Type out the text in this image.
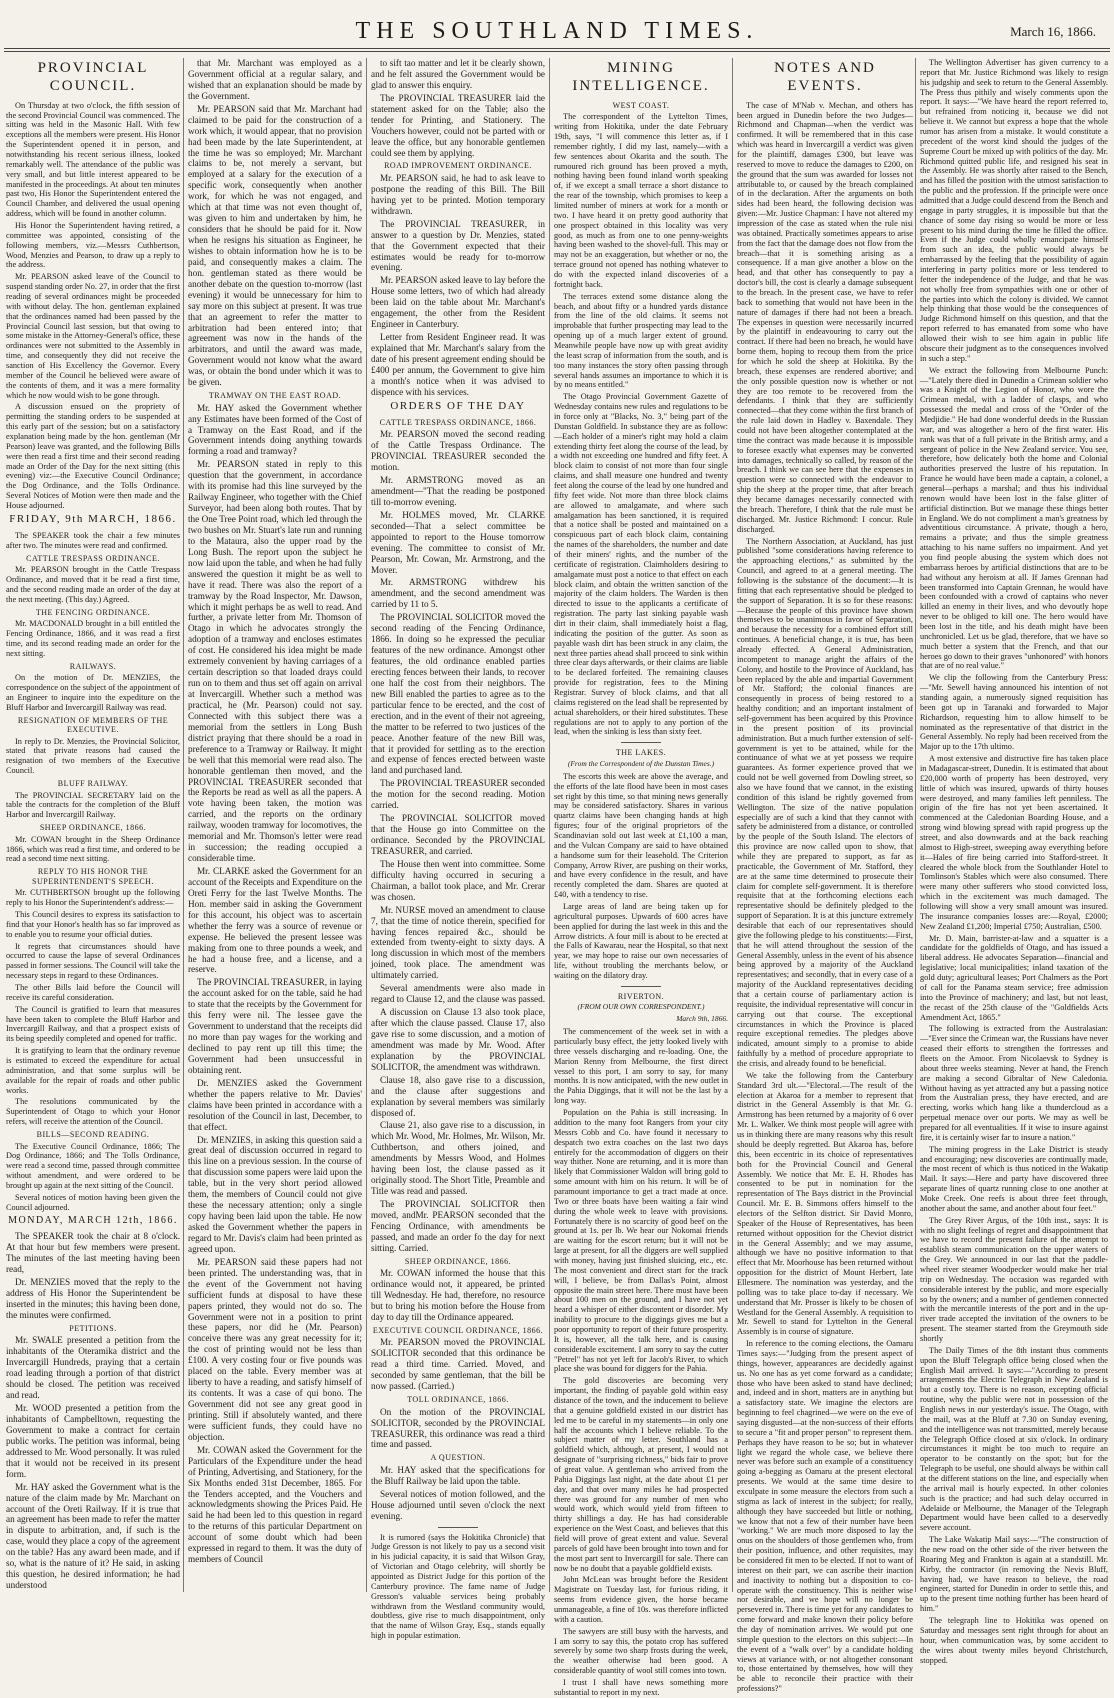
THE SOUTHLAND TIMES.	March 16, 1866.
PROVINCIAL COUNCIL.

On Thursday at two o'clock, the fifth session of the second Provincial Council was commenced. The sitting was held in the Masonic Hall. With few exceptions all the members were present. His Honor the Superintendent opened it in person, and notwithstanding his recent serious illness, looked remarkably well. The attendance of the public was very small, and but little interest appeared to be manifested in the proceedings. At about ten minutes past two, His Honor the Superintendent entered the Council Chamber, and delivered the usual opening address, which will be found in another column.

His Honor the Superintendent having retired, a committee was appointed, consisting of the following members, viz.—Messrs Cuthbertson, Wood, Menzies and Pearson, to draw up a reply to the address.

Mr. PEARSON asked leave of the Council to suspend standing order No. 27, in order that the first reading of several ordinances might be proceeded with without delay. The hon. gentleman explained that the ordinances named had been passed by the Provincial Council last session, but that owing to some mistake in the Attorney-General's office, these ordinances were not submitted to the Assembly in time, and consequently they did not receive the sanction of His Excellency the Governor. Every member of the Council he believed were aware of the contents of them, and it was a mere formality which he now would wish to be gone through.

A discussion ensued on the propriety of permitting the standing orders to be suspended at this early part of the session; but on a satisfactory explanation being made by the hon. gentleman (Mr Pearson) leave was granted, and the following Bills were then read a first time and their second reading made an Order of the Day for the next sitting (this evening) viz:—the Executive Council Ordinance; the Dog Ordinance, and the Tolls Ordinance. Several Notices of Motion were then made and the House adjourned.

FRIDAY, 9th MARCH, 1866.

The SPEAKER took the chair a few minutes after two. The minutes were read and confirmed.

CATTLE TRESPASS ORDINANCE.

Mr. PEARSON brought in the Cattle Trespass Ordinance, and moved that it be read a first time, and the second reading made an order of the day at the next meeting. (This day.) Agreed.

THE FENCING ORDINANCE.

Mr. MACDONALD brought in a bill entitled the Fencing Ordinance, 1866, and it was read a first time, and its second reading made an order for the next sitting.

RAILWAYS.

On the motion of Dr. MENZIES, the correspondence on the subject of the appointment of an Engineer to inquire into the expediture on the Bluff Harbor and Invercargill Railway was read.

RESIGNATION OF MEMBERS OF THE EXECUTIVE.

In reply to Dr. Menzies, the Provincial Solicitor, stated that private reasons had caused the resignation of two members of the Executive Council.

BLUFF RAILWAY.

The PROVINCIAL SECRETARY laid on the table the contracts for the completion of the Bluff Harbor and Invercargill Railway.

SHEEP ORDINANCE, 1866.

Mr. COWAN brought in the Sheep Ordinance 1866, which was read a first time, and ordered to be read a second time next sitting.

REPLY TO HIS HONOR THE SUPERINTENDENT'S SPEECH.

Mr. CUTHBERTSON brought up the following reply to his Honor the Superintendent's address:—

This Council desires to express its satisfaction to find that your Honor's health has so far improved as to enable you to resume your official duties.

It regrets that circumstances should have occurred to cause the lapse of several Ordinances passed in former sessions. The Council will take the necessary steps in regard to these Ordinances.

The other Bills laid before the Council will receive its careful consideration.

The Council is gratified to learn that measures have been taken to complete the Bluff Harbor and Invercargill Railway, and that a prospect exists of its being speedily completed and opened for traffic.

It is gratifying to learn that the ordinary revenue is estimated to exceed the expenditure for actual administration, and that some surplus will be available for the repair of roads and other public works.

The resolutions communicated by the Superintendent of Otago to which your Honor refers, will receive the attention of the Council.

BILLS—SECOND READING.

The Executive Council Ordinance, 1866; The Dog Ordinance, 1866; and The Tolls Ordinance, were read a second time, passed through committee without amendment, and were ordered to be brought up again at the next sitting of the Council.

Several notices of motion having been given the Council adjourned.

MONDAY, MARCH 12th, 1866.

The SPEAKER took the chair at 8 o'clock. At that hour but few members were present. The minutes of the last meeting having been read,

Dr. MENZIES moved that the reply to the address of His Honor the Superintendent be inserted in the minutes; this having been done, the minutes were confirmed.

PETITIONS.

Mr. SWALE presented a petition from the inhabitants of the Oteramika district and the Invercargill Hundreds, praying that a certain road leading through a portion of that district should be closed. The petition was received and read.

Mr. WOOD presented a petition from the inhabitants of Campbelltown, requesting the Government to make a contract for certain public works. The petition was informal, being addressed to Mr. Wood personally. It was ruled that it would not be received in its present form.

Mr. HAY asked the Government what is the nature of the claim made by Mr. Marchant on account of the Oreti Railway. If it is true that an agreement has been made to refer the matter in dispute to arbitration, and, if such is the case, would they place a copy of the agreement on the table? Has any award been made, and if so, what is the nature of it? He said, in asking this question, he desired information; he had understood

that Mr. Marchant was employed as a Government official at a regular salary, and wished that an explanation should be made by the Government.

Mr. PEARSON said that Mr. Marchant had claimed to be paid for the construction of a work which, it would appear, that no provision had been made by the late Superintendent, at the time he was so employed; Mr. Marchant claims to be, not merely a servant, but employed at a salary for the execution of a specific work, consequently when another work, for which he was not engaged, and which at that time was not even thought of, was given to him and undertaken by him, he considers that he should be paid for it. Now when he resigns his situation as Engineer, he wishes to obtain information how he is to be paid, and consequently makes a claim. The hon. gentleman stated as there would be another debate on the question to-morrow (last evening) it would be unnecessary for him to say more on this subject at present. It was true that an agreement to refer the matter to arbitration had been entered into; that agreement was now in the hands of the arbitrators, and until the award was made, Government would not know what the award was, or obtain the bond under which it was to be given.

TRAMWAY ON THE EAST ROAD.

Mr. HAY asked the Government whether any Estimates have been formed of the Cost of a Tramway on the East Road, and if the Government intends doing anything towards forming a road and tramway?

Mr. PEARSON stated in reply to this question that the government, in accordance with its promise had this line surveyed by the Railway Engineer, who together with the Chief Surveyor, had been along both routes. That by the One Tree Point road, which led through the two bushes on Mr. Stuart's late run and running to the Mataura, also the upper road by the Long Bush. The report upon the subject he now laid upon the table, and when he had fully answered the question it might be as well to have it read. There was also the report of a tramway by the Road Inspector, Mr. Dawson, which it might perhaps be as well to read. And further, a private letter from Mr. Thomson of Otago in which he advocates strongly the adoption of a tramway and encloses estimates of cost. He considered his idea might be made extremely convenient by having carriages of a certain description so that loaded drays could run on to them and thus set off again on arrival at Invercargill. Whether such a method was practical, he (Mr. Pearson) could not say. Connected with this subject there was a memorial from the settlers in Long Bush district praying that there should be a road in preference to a Tramway or Railway. It might be well that this memorial were read also. The honorable gentleman then moved, and the PROVINCIAL TREASURER seconded that the Reports be read as well as all the papers. A vote having been taken, the motion was carried, and the reports on the ordinary railway, wooden tramway for locomotives, the memorial and Mr. Thomson's letter were read in succession; the reading occupied a considerable time.

Mr. CLARKE asked the Government for an account of the Receipts and Expenditure on the Oreti Ferry for the last Twelve Months. The Hon. member said in asking the Government for this account, his object was to ascertain whether the ferry was a source of revenue or expense. He believed the present lessee was making from one to three pounds a week, and he had a house free, and a license, and a reserve.

The PROVINCIAL TREASURER, in laying the account asked for on the table, said he had to state that the receipts by the Government for this ferry were nil. The lessee gave the Government to understand that the receipts did no more than pay wages for the working and declined to pay rent up till this time; the Government had been unsuccessful in obtaining rent.

Dr. MENZIES asked the Government whether the papers relative to Mr. Davies' claims have been printed in accordance with a resolution of the Council in last, December, to that effect.

Dr. MENZIES, in asking this question said a great deal of discussion occurred in regard to this line on a previous session. In the course of that discussion some papers were laid upon the table, but in the very short period allowed them, the members of Council could not give these the necessary attention; only a single copy having been laid upon the table. He now asked the Government whether the papers in regard to Mr. Davis's claim had been printed as agreed upon.

Mr. PEARSON said these papers had not been printed. The understanding was, that in the event of the Government not having sufficient funds at disposal to have these papers printed, they would not do so. The Government were not in a position to print these papers, nor did he (Mr. Pearson) conceive there was any great necessity for it; the cost of printing would not be less than £100. A very costing four or five pounds was placed on the table. Every member was at liberty to have a reading, and satisfy himself of its contents. It was a case of qui bono. The Government did not see any great good in printing. Still if absolutely wanted, and there were sufficient funds, they could have no objection.

Mr. COWAN asked the Government for the Particulars of the Expenditure under the head of Printing, Advertising, and Stationery, for the Six Months ended 31st December, 1865. For the Tenders accepted, and the Vouchers and acknowledgments showing the Prices Paid. He said he had been led to this question in regard to the returns of this particular Department on account of some doubt which had been expressed in regard to them. It was the duty of members of Council

to sift tao matter and let it be clearly shown, and he felt assured the Government would be glad to answer this enquiry.

The PROVINCIAL TREASURER laid the statement asked for on the Table; also the tender for Printing, and Stationery. The Vouchers however, could not be parted with or leave the office, but any honorable gentlemen could see them by applying.

ROAD IMPROVEMENT ORDINANCE.

Mr. PEARSON said, he had to ask leave to postpone the reading of this Bill. The Bill having yet to be printed. Motion temporary withdrawn.

The PROVINCIAL TREASURER, in answer to a question by Dr. Menzies, stated that the Government expected that their estimates would be ready for to-morrow evening.

Mr. PEARSON asked leave to lay before the House some letters, two of which had already been laid on the table about Mr. Marchant's engagement, the other from the Resident Engineer in Canterbury.

Letter from Resident Engineer read. It was explained that Mr. Marchant's salary from the date of his present agreement ending should be £400 per annum, the Government to give him a month's notice when it was advised to dispence with his services.

ORDERS OF THE DAY
CATTLE TRESPASS ORDINANCE, 1866.

Mr. PEARSON moved the second reading of the Cattle Trespass Ordinance. The PROVINCIAL TREASURER seconded the motion.

Mr. ARMSTRONG moved as an amendment—"That the reading be postponed till to-morrow evening.

Mr. HOLMES moved, Mr. CLARKE seconded—That a select committee be appointed to report to the House tomorrow evening. The committee to consist of Mr. Pearson, Mr. Cowan, Mr. Armstrong, and the Mover.

Mr. ARMSTRONG withdrew his amendment, and the second amendment was carried by 11 to 5.

The PROVINCIAL SOLICITOR moved the second reading of the Fencing Ordinance, 1866. In doing so he expressed the peculiar features of the new ordinance. Amongst other features, the old ordinance enabled parties erecting fences between their lands, to recover one half the cost from their neighbors. The new Bill enabled the parties to agree as to the particular fence to be erected, and the cost of erection, and in the event of their not agreeing, the matter to be referred to two justices of the peace. Another feature of the new Bill was, that it provided for settling as to the erection and expense of fences erected between waste land and purchased land.

The PROVINCIAL TREASURER seconded the motion for the second reading. Motion carried.

The PROVINCIAL SOLICITOR moved that the House go into Committee on the ordinance. Seconded by the PROVINCIAL TREASURER, and carried.

The House then went into committee. Some difficulty having occurred in securing a Chairman, a ballot took place, and Mr. Crerar was chosen.

Mr. NURSE moved an amendment to clause 7, that the time of notice therein, specified for having fences repaired &c., should be extended from twenty-eight to sixty days. A long discussion in which most of the members joined, took place. The amendment was ultimately carried.

Several amendments were also made in regard to Clause 12, and the clause was passed.

A discussion on Clause 13 also took place, after which the clause passed. Clause 17, also gave rise to some discussion, and a motion of amendment was made by Mr. Wood. After explanation by the PROVINCIAL SOLICITOR, the amendment was withdrawn.

Clause 18, also gave rise to a discussion, and the clause after suggestions and explanation by several members was similarly disposed of.

Clause 21, also gave rise to a discussion, in which Mr. Wood, Mr. Holmes, Mr. Wilson, Mr. Cuthbertson, and others joined, and amendments by Messrs Wood, and Holmes having been lost, the clause passed as it originally stood. The Short Title, Preamble and Title was read and passed.

The PROVINCIAL SOLICITOR then moved, andMr. PEARSON seconded that the Fencing Ordinance, with amendments be passed, and made an order fo the day for next sitting. Carried.

SHEEP ORDINANCE, 1866.

Mr. COWAN informed the house that this ordinance would not, it appeared, be printed till Wednesday. He had, therefore, no resource but to bring his motion before the House from day to day till the Ordinance appeared.

EXECUTIVE COUNCIL ORDINANCE, 1866.

Mr. PEARSON moved the PROVINCIAL SOLICITOR seconded that this ordinance be read a third time. Carried. Moved, and seconded by same gentleman, that the bill be now passed. (Carried.)

TOLL ORDINANCE, 1866.

On the motion of the PROVINCIAL SOLICITOR, seconded by the PROVINCIAL TREASURER, this ordinance was read a third time and passed.

A QUESTION.

Mr. HAY asked that the specifications for the Bluff Railway be laid upon the table.

Several notices of motion followed, and the House adjourned until seven o'clock the next evening.

It is rumored (says the Hokitika Chronicle) that Judge Gresson is not likely to pay us a second visit in his judicial capacity, it is said that Wilson Gray, of Victorian and Otago celebrity, will shortly be appointed as District Judge for this portion of the Canterbury province. The fame name of Judge Gresson's valuable services being probably withdrawn from the Westland community would, doubtless, give rise to much disappointment, only that the name of Wilson Gray, Esq., stands equally high in popular estimation.

MINING INTELLIGENCE.
WEST COAST.

The correspondent of the Lyttelton Times, writing from Hokitika, under the date February 19th, says, "I will commence this letter as, if I remember rightly, I did my last, namely—with a few sentences about Okarita and the south. The rumoured rich ground has been proved a myth, nothing having been found inland worth speaking of, if we except a small terrace a short distance to the rear of the township, which promises to keep a limited number of miners at work for a month or two. I have heard it on pretty good authority that one prospect obtained in this locality was very good, as much as from one to one penny-weights having been washed to the shovel-full. This may or may not be an exaggeration, but whether or no, the terrace ground not opened has nothing whatever to do with the expected inland discoveries of a fortnight back.

The terraces extend some distance along the beach, and about fifty or a hundred yards distance from the line of the old claims. It seems not improbable that further prospecting may lead to the opening up of a much larger extent of ground. Meanwhile people have now up with great avidity the least scrap of information from the south, and is too many instances the story often passing through several hands assumes an importance to which it is by no means entitled."

The Otago Provincial Government Gazette of Wednesday contains new rules and regulations to be in force only at "Blacks, No. 3," being part of the Dunstan Goldfield. In substance they are as follow:—Each holder of a miner's right may hold a claim extending thirty feet along the course of the lead, by a width not exceeding one hundred and fifty feet. A block claim to consist of not more than four single claims, and shall measure one hundred and twenty feet along the course of the lead by one hundred and fifty feet wide. Not more than three block claims are allowed to amalgamate, and where such amalgamation has been sanctioned, it is required that a notice shall be posted and maintained on a conspicuous part of each block claim, containing the names of the shareholders, the number and date of their miners' rights, and the number of the certificate of registration. Claimholders desiring to amalgamate must post a notice to that effect on each block claim, and obtain the written sanction of the majority of the claim holders. The Warden is then directed to issue to the applicants a certificate of registration. The party last sinking payable wash dirt in their claim, shall immediately hoist a flag, indicating the position of the gutter. As soon as payable wash dirt has been struck in any claim, the next three parties ahead shall proceed to sink within three clear days afterwards, or their claims are liable to be declared forfeited. The remaining clauses provide for registration, fees to the Mining Registrar. Survey of block claims, and that all claims registered on the lead shall be represented by actual shareholders, or their hired substitutes. These regulations are not to apply to any portion of the lead, when the sinking is less than sixty feet.

THE LAKES.
(From the Correspondent of the Dunstan Times.)

The escorts this week are above the average, and the efforts of the late flood have been in most cases set right by this time, so that mining news generally may be considered satisfactory. Shares in various quartz claims have been changing hands at high figures; four of the original proprietors of the Scandinavian sold out last week at £1,100 a man, and the Vulcan Company are said to have obtained a handsome sum for their leasehold. The Criterion Company, Arrow River, are pushing on their works, and have every confidence in the result, and have recently completed the dam. Shares are quoted at £40, with a tendency to rise.

Large areas of land are being taken up for agricultural purposes. Upwards of 600 acres have been applied for during the last week in this and the Arrow districts. A four mill is about to be erected at the Falls of Kawarau, near the Hospital, so that next year, we may hope to raise our own necessaries of life, without troubling the merchants below, or waiting on the dilatory dray.

RIVERTON.
(FROM OUR OWN CORRESPONDENT.)
March 9th, 1866.

The commencement of the week set in with a particularly busy effect, the jetty looked lively with three vessels discharging and re-loading. One, the Marion Renny from Melbourne, the first direct vessel to this port, I am sorry to say, for many months. It is now anticipated, with the new outlet in the Pahia Diggings, that it will not be the last by a long way.

Population on the Pahia is still increasing. In addition to the many foot Rangers from your city Messrs Cobb and Co. have found it necessary to despatch two extra coaches on the last two days entirely for the accommodation of diggers on their way thither. None are returning, and it is more than likely that Commissioner Waldon will bring gold to some amount with him on his return. It will be of paramount importance to get a tract made at once. Two or three boats have been waiting a fair wind during the whole week to leave with provisions. Fortunately there is no scarcity of good beef on the ground at 1s. per lb. We hear our Nokomai friends are waiting for the escort return; but it will not be large at present, for all the diggers are well supplied with money, having just finished sluicing, etc., etc. The most convenient and direct start for the track will, I believe, be from Dallas's Point, almost opposite the main street here. There must have been about 100 men on the ground, and I have not yet heard a whisper of either discontent or disorder. My inability to procure to the diggings gives me but a poor opportunity to report of their future prosperity. It is, however, all the talk here, and is causing considerable excitement. I am sorry to say the cutter "Petrel" has not yet left for Jacob's River, to which place she was bound for diggers for the Pahia.

The gold discoveries are becoming very important, the finding of payable gold within easy distance of the town, and the inducement to believe that a genuine goldfield existed in our district has led me to be careful in my statements—in only one half the accounts which I believe reliable. To the subject matter of my letter. Southland has a goldfield which, although, at present, I would not designate of "surprising richness," bids fair to prove of great value. A gentleman who arrived from the Pahia Diggings last night, at the date about £1 per day, and that over many miles he had prospected there was ground for any number of men who would work, which would yield from fifteen to thirty shillings a day. He has had considerable experience on the West Coast, and believes that this field will prove of great extent and value. Several parcels of gold have been brought into town and for the most part sent to Invercargill for sale. There can now be no doubt that a payable goldfield exists.

John McLean was brought before the Resident Magistrate on Tuesday last, for furious riding, it seems from evidence given, the horse became unmanageable, a fine of 10s. was therefore inflicted with a caution.

The sawyers are still busy with the harvests, and I am sorry to say this, the potato crop has suffered severely by some two sharp frosts during the week, the weather otherwise had been good. A considerable quantity of wool still comes into town.

I trust I shall have news something more substantial to report in my next.

NOTES AND EVENTS.

The case of M'Nab v. Mechan, and others has been argued in Dunedin before the two Judges—Richmond and Chapman—when the verdict was confirmed. It will be remembered that in this case which was heard in Invercargill a verdict was given for the plaintiff, damages £300, but leave was reserved to move to reduce the damages to £200, on the ground that the sum was awarded for losses not attributable to, or caused by the breach complained of in the declaration. After the arguments on both sides had been heard, the following decision was given:—Mr. Justice Chapman: I have not altered my impression of the case as stated when the rule nisi was obtained. Practically sometimes appears to arise from the fact that the damage does not flow from the breach—that it is something arising as a consequence. If a man give another a blow on the head, and that other has consequently to pay a doctor's bill, the cost is clearly a damage subsequent to the breach. In the present case, we have to refer back to something that would not have been in the nature of damages if there had not been a breach. The expenses in question were necessarily incurred by the plaintiff in endeavouring to carry out the contract. If there had been no breach, he would have borne them, hoping to recoup them from the price for which he sold the sheep at Hokitika. By the breach, these expenses are rendered abortive; and the only possible question now is whether or not they are too remote to be recovered from the defendants. I think that they are sufficiently connected—that they come within the first branch of the rule laid down in Hadley v. Baxendale. They could not have been altogether contemplated at the time the contract was made because it is impossible to foresee exactly what expenses may be converted into damages, technically so called, by reason of the breach. I think we can see here that the expenses in question were so connected with the endeavor to ship the sheep at the proper time, that after breach they became damages necessarily connected with the breach. Therefore, I think that the rule must be discharged. Mr. Justice Richmond: I concur. Rule discharged.

The Northern Association, at Auckland, has just published "some considerations having reference to the approaching elections," as submitted by the Council, and agreed to at a general meeting. The following is the substance of the document:—It is fitting that each representative should be pledged to the support of Separation. It is so for these reasons:—Because the people of this province have shown themselves to be unanimous in favor of Separation, and because the necessity for a combined effort still continues. A beneficial change, it is true, has been already effected. A General Administration, incompetent to manage aright the affairs of the Colony, and hostile to the Province of Auckland, has been replaced by the able and impartial Government of Mr. Stafford; the colonial finances are consequently in process of being restored to a healthy condition; and an important instalment of self-government has been acquired by this Province in the present position of its provincial administration. But a much further extension of self-government is yet to be attained, while for the continuance of what we at yet possess we require guarantees. As former experience proved that we could not be well governed from Dowling street, so also we have found that we cannot, in the existing condition of this island be rightly governed from Wellington. The size of the native population especially are of such a kind that they cannot with safety be administered from a distance, or controlled by the people of the South Island. The electors of this province are now called upon to show, that while they are prepared to support, as far as practicable, the Government of Mr. Stafford, they are at the same time determined to prosecute their claim for complete self-government. It is therefore requisite that at the forthcoming elections each representative should be definitely pledged to the support of Separation. It is at this juncture extremely desirable that each of our representatives should give the following pledge to his constituents:—First, that he will attend throughout the session of the General Assembly, unless in the event of his absence being approved by a majority of the Auckland representatives; and secondly, that in every case of a majority of the Auckland representatives deciding that a certain course of parliamentary action is requisite, the individual representative will concur in carrying out that course. The exceptional circumstances in which the Province is placed require exceptional remedies. The pledges above indicated, amount simply to a promise to abide faithfully by a method of procedure appropriate to the crisis, and already found to be beneficial.

We take the following from the Canterbury Standard 3rd ult.—"Electoral.—The result of the election at Akaroa for a member to represent that district in the General Assembly is that Mr. G. Armstrong has been returned by a majority of 6 over Mr. L. Walker. We think most people will agree with us in thinking there are many reasons why this result should be deeply regretted. But Akaroa has, before this, been eccentric in its choice of representatives both for the Provincial Council and General Assembly. We notice that Mr. E. H. Rhodes has consented to be put in nomination for the representation of The Bays district in the Provincial Council. Mr. E. B. Simmons offers himself to the electors of the Selfton district. Sir David Monro, Speaker of the House of Representatives, has been returned without opposition for the Cheviot district in the General Assembly; and we may assume, although we have no positive information to that effect that Mr. Moorhouse has been returned without opposition for the district of Mount Herbert, late Ellesmere. The nomination was yesterday, and the polling was to take place to-day if necessary. We understand that Mr. Prosser is likely to be chosen of Westland for the General Assembly. A requisition to Mr. Sewell to stand for Lyttelton in the General Assembly is in course of signature.

In reference to the coming elections, the Oamaru Times says:—"Judging from the present aspect of things, however, appearances are decidedly against us. No one has as yet come forward as a candidate; those who have been asked to stand have declined; and, indeed and in short, matters are in anything but a satisfactory state. We imagine the electors are beginning to feel chagrined—we were on the eve of saying disgusted—at the non-success of their efforts to secure a "fit and proper person" to represent them. Perhaps they have reason to be so; but in whatever light we regard the whole case, we believe there never was before such an example of a constituency going a-begging as Oamaru at the present electoral presents. We would at the same time desire to exculpate in some measure the electors from such a stigma as lack of interest in the subject; for really, although they have succeeded but little or nothing, we know that not a few of their number have been "working." We are much more disposed to lay the onus on the shoulders of those gentlemen who, from their position, influence, and other requisites, may be considered fit men to be elected. If not to want of interest on their part, we can ascribe their inaction and inactivity to nothing but a disposition to co-operate with the constituency. This is neither wise nor desirable, and we hope will no longer be persevered in. There is time yet for any candidates to come forward and make known their policy before the day of nomination arrives. We would put one simple question to the electors on this subject:—In the event of a "walk over" by a candidate holding views at variance with, or not altogether consonant to, those entertained by themselves, how will they be able to reconcile their practice with their professions?"

The Wellington Advertiser has given currency to a report that Mr. Justice Richmond was likely to resign his judgship and seek to return to the General Assembly. The Press thus pithily and wisely comments upon the report. It says:—"We have heard the report referred to, but refrained from noticing it, because we did not believe it. We cannot but express a hope that the whole rumor has arisen from a mistake. It would constitute a precedent of the worst kind should the judges of the Supreme Court be mixed up with politics of the day. Mr. Richmond quitted public life, and resigned his seat in the Assembly. He was shortly after raised to the Bench, and has filled the position with the utmost satisfaction to the public and the profession. If the principle were once admitted that a Judge could descend from the Bench and engage in party struggles, it is impossible but that the chance of some day rising so would be more or less present to his mind during the time he filled the office. Even if the Judge could wholly emancipate himself from such an idea, the public would always be embarrassed by the feeling that the possibility of again interfering in party politics more or less tendered to fetter the independence of the Judge, and that he was not wholly free from sympathies with one or other of the parties into which the colony is divided. We cannot help thinking that those would be the consequences of Judge Richmond himself on this question, and that the report referred to has emanated from some who have allowed their wish to see him again in public life obscure their judgment as to the consequences involved in such a step."

We extract the following from Melbourne Punch:—"Lately there died in Dunedin a Crimean soldier who was a Knight of the Legion of Honor, who wore the Crimean medal, with a ladder of clasps, and who possessed the medal and cross of the "Order of the Medjidie." He had done wonderful deeds in the Russian war, and was altogether a hero of the first water. His rank was that of a full private in the British army, and a sergeant of police in the New Zealand service. You see, therefore, how delicately both the home and Colonial authorities preserved the lustre of his reputation. In France he would have been made a captain, a colonel, a general—perhaps a marshal; and thus his individual renown would have been lost in the false glitter of artificial distinction. But we manage these things better in England. We do not compliment a man's greatness by adventitious circumstance. A private, though a hero, remains a private; and thus the simple greatness attaching to his name suffers no impairment. And yet you find people abusing the system which does not embarrass heroes by artificial distinctions that are to be had without any heroism at all. If James Grennan had been transformed into Captain Grennan, he would have been confounded with a crowd of captains who never killed an enemy in their lives, and who devoutly hope never to be obliged to kill one. The hero would have been lost in the title, and his death might have been unchronicled. Let us be glad, therefore, that we have so much better a system that the French, and that our heroes go down to their graves "unhonored" with honors that are of no real value."

We clip the following from the Canterbury Press:—"Mr. Sewell having announced his intention of not standing again, a numerously signed requisition has been got up in Taranaki and forwarded to Major Richardson, requesting him to allow himself to be nominated as the representative of that district in the General Assembly. No reply had been received from the Major up to the 17th ultimo.

A most extensive and distructive fire has taken place in Madagascar-street, Dunedin. It is estimated that about £20,000 worth of property has been destroyed, very little of which was insured, upwards of thirty houses were destroyed, and many families left penniless. The origin of the fire has not yet been ascertained. It commenced at the Caledonian Boarding House, and a strong wind blowing spread with rapid progress up the street, and also downwards and at the back reaching almost to High-street, sweeping away everything before it—Hales of fire being carried into Stafford-street. It cleared the whole block from the Southlander Hotel to Tomlinson's Stables which were also consumed. There were many other sufferers who stood convicted loss, which in the excitement was much damaged. The following will show a very small amount was insured. The insurance companies losses are:—Royal, £2000; New Zealand £1,200; Imperial £750; Australian, £500.

Mr. D. Main, barrister-at-law and a squatter is a candidate for the goldfields of Otago, and has issued a liberal address. He advocates Separation—financial and legislative; local municipalities; inland taxation of the gold duty; agricultural leases; Port Chalmers as the Port of call for the Panama steam service; free admission into the Province of machinery; and last, but not least, the recast of the 25th clause of the "Goldfields Acts Amendment Act, 1865."

The following is extracted from the Australasian:—"Ever since the Crimean war, the Russians have never ceased their efforts to strengthen the fortresses and fleets on the Amoor. From Nicolaevsk to Sydney is about three weeks steaming. Never at hand, the French are making a second Gibraltar of New Caledonia. Without having as yet attracted any but a passing notice from the Australian press, they have erected, and are erecting, works which hang like a thundercloud as a perpetual menace over our ports. We may as well be prepared for all eventualities. If it wise to insure against fire, it is certainly wiser far to insure a nation."

The mining progress in the Lake District is steady and encouraging; new discoveries are continually made, the most recent of which is thus noticed in the Wakatip Mail. It says:—Here and party have discovered three separate lines of quartz running close to one another at Moke Creek. One reefs is about three feet through, another about the same, and another about four feet."

The Grey River Argus, of the 10th inst., says: It is with no slight feelings of regret and disappointment that we have to record the present failure of the attempt to establish steam communication on the upper waters of the Grey. We announced in our last that the paddle-wheel river steamer Woodpecker would make her trial trip on Wednesday. The occasion was regarded with considerable interest by the public, and more especially so by the owners; and a number of gentlemen connected with the mercantile interests of the port and in the up-river trade accepted the invitation of the owners to be present. The steamer started from the Greymouth side shortly

The Daily Times of the 8th instant thus comments upon the Bluff Telegraph office being closed when the English Mail arrived. It says:—"According to present arrangements the Electric Telegraph in New Zealand is but a costly toy. There is no reason, excepting official routine, why the public were not in possession of the English news in our yesterday's issue. The Otago, with the mail, was at the Bluff at 7.30 on Sunday evening, and the intelligence was not transmitted, merely because the Telegraph Office closed at six o'clock. In ordinary circumstances it might be too much to require an operator to be constantly on the spot; but for the Telegraph to be useful, one should always be within call at the different stations on the line, and especially when the arrival mail is hourly expected. In other colonies such is the practice; and had such delay occurred in Adelaide or Melbourne, the Manager of the Telegraph Department would have been called to a deservedly severe account.

The Lake Wakatip Mail says:—"The construction of the new road on the other side of the river between the Roaring Meg and Frankton is again at a standstill. Mr. Kirby, the contractor (in removing the Nevis Bluff, having had, we have reason to believe, the road engineer, started for Dunedin in order to settle this, and up to the present time nothing further has been heard of him."

The telegraph line to Hokitika was opened on Saturday and messages sent right through for about an hour, when communication was, by some accident to the wires about twenty miles beyond Christchurch, stopped.
